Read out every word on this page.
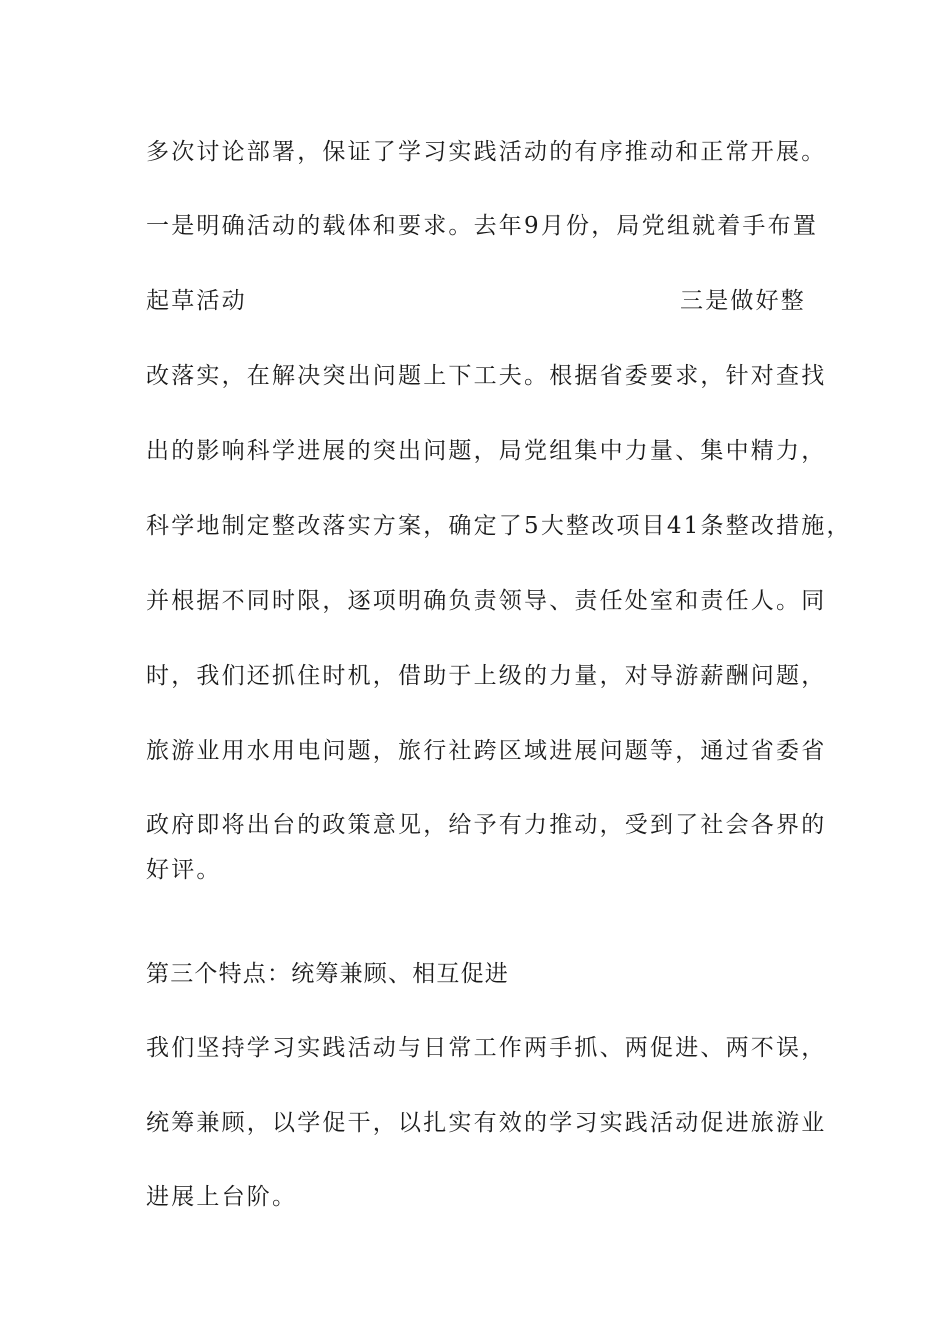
多次讨论部署，保证了学习实践活动的有序推动和正常开展。
一是明确活动的载体和要求。去年9月份，局党组就着手布置
起草活动	三是做好整
改落实，在解决突出问题上下工夫。根据省委要求，针对查找
出的影响科学进展的突出问题，局党组集中力量、集中精力，
科学地制定整改落实方案，确定了5大整改项目41条整改措施，
并根据不同时限，逐项明确负责领导、责任处室和责任人。同
时，我们还抓住时机，借助于上级的力量，对导游薪酬问题，
旅游业用水用电问题，旅行社跨区域进展问题等，通过省委省
政府即将出台的政策意见，给予有力推动，受到了社会各界的
好评。
第三个特点：统筹兼顾、相互促进
我们坚持学习实践活动与日常工作两手抓、两促进、两不误，
统筹兼顾，以学促干，以扎实有效的学习实践活动促进旅游业
进展上台阶。
